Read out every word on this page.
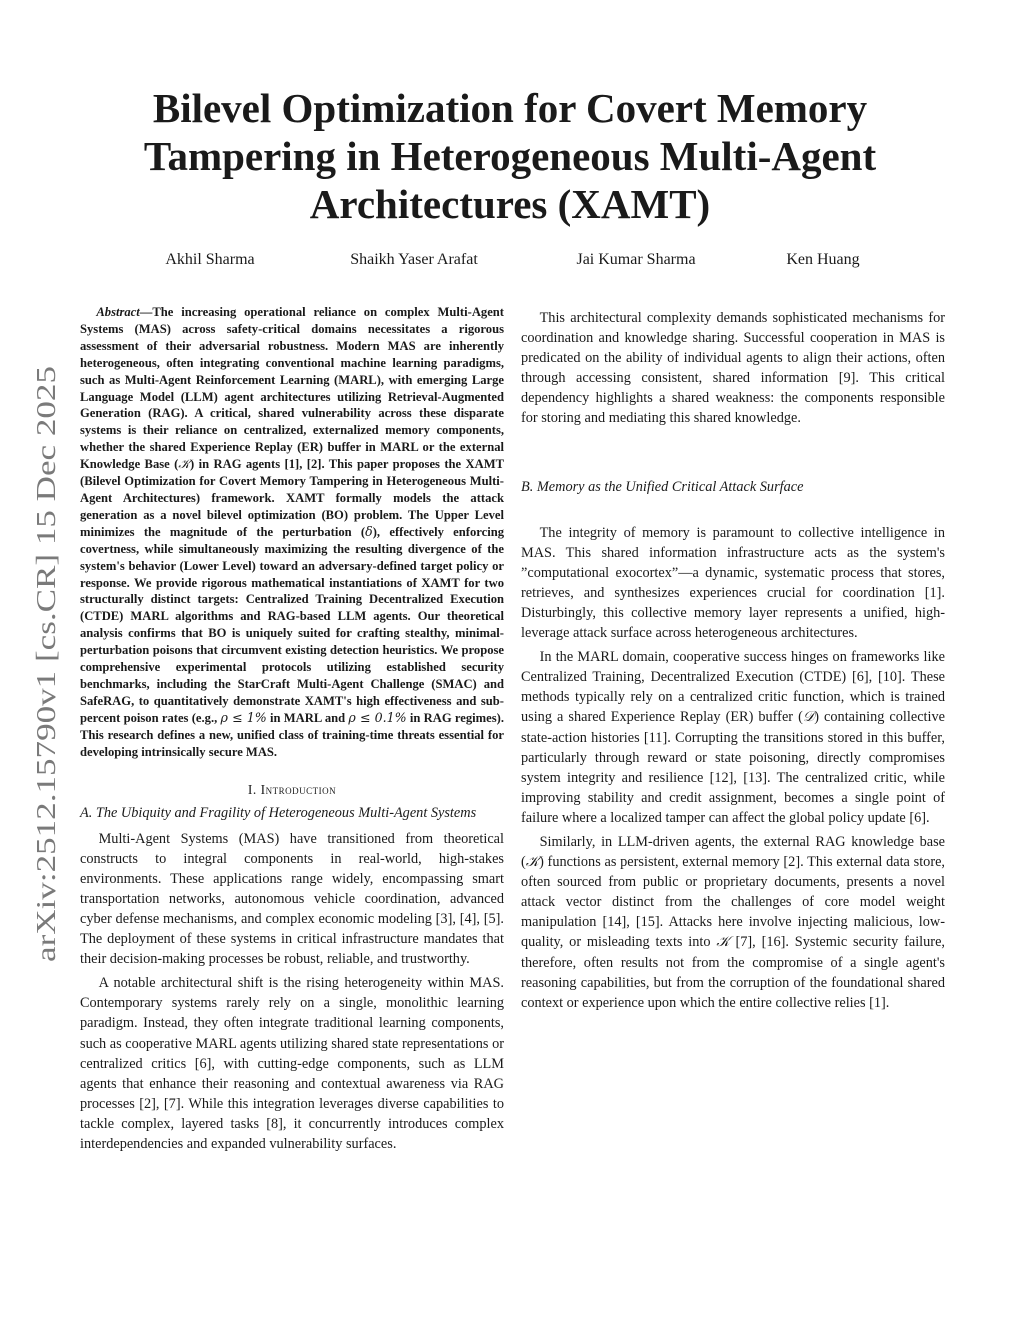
arXiv:2512.15790v1 [cs.CR] 15 Dec 2025
Bilevel Optimization for Covert Memory Tampering in Heterogeneous Multi-Agent Architectures (XAMT)
Akhil Sharma	Shaikh Yaser Arafat	Jai Kumar Sharma	Ken Huang

Abstract—The increasing operational reliance on complex Multi-Agent Systems (MAS) across safety-critical domains necessitates a rigorous assessment of their adversarial robustness. Modern MAS are inherently heterogeneous, often integrating conventional machine learning paradigms, such as Multi-Agent Reinforcement Learning (MARL), with emerging Large Language Model (LLM) agent architectures utilizing Retrieval-Augmented Generation (RAG). A critical, shared vulnerability across these disparate systems is their reliance on centralized, externalized memory components, whether the shared Experience Replay (ER) buffer in MARL or the external Knowledge Base (𝒦) in RAG agents [1], [2]. This paper proposes the XAMT (Bilevel Optimization for Covert Memory Tampering in Heterogeneous Multi-Agent Architectures) framework. XAMT formally models the attack generation as a novel bilevel optimization (BO) problem. The Upper Level minimizes the magnitude of the perturbation (δ), effectively enforcing covertness, while simultaneously maximizing the resulting divergence of the system's behavior (Lower Level) toward an adversary-defined target policy or response. We provide rigorous mathematical instantiations of XAMT for two structurally distinct targets: Centralized Training Decentralized Execution (CTDE) MARL algorithms and RAG-based LLM agents. Our theoretical analysis confirms that BO is uniquely suited for crafting stealthy, minimal-perturbation poisons that circumvent existing detection heuristics. We propose comprehensive experimental protocols utilizing established security benchmarks, including the StarCraft Multi-Agent Challenge (SMAC) and SafeRAG, to quantitatively demonstrate XAMT's high effectiveness and sub-percent poison rates (e.g., ρ ≤ 1% in MARL and ρ ≤ 0.1% in RAG regimes). This research defines a new, unified class of training-time threats essential for developing intrinsically secure MAS.

I. Introduction
A. The Ubiquity and Fragility of Heterogeneous Multi-Agent Systems

Multi-Agent Systems (MAS) have transitioned from theoretical constructs to integral components in real-world, high-stakes environments. These applications range widely, encompassing smart transportation networks, autonomous vehicle coordination, advanced cyber defense mechanisms, and complex economic modeling [3], [4], [5]. The deployment of these systems in critical infrastructure mandates that their decision-making processes be robust, reliable, and trustworthy.

A notable architectural shift is the rising heterogeneity within MAS. Contemporary systems rarely rely on a single, monolithic learning paradigm. Instead, they often integrate traditional learning components, such as cooperative MARL agents utilizing shared state representations or centralized critics [6], with cutting-edge components, such as LLM agents that enhance their reasoning and contextual awareness via RAG processes [2], [7]. While this integration leverages diverse capabilities to tackle complex, layered tasks [8], it concurrently introduces complex interdependencies and expanded vulnerability surfaces.

This architectural complexity demands sophisticated mechanisms for coordination and knowledge sharing. Successful cooperation in MAS is predicated on the ability of individual agents to align their actions, often through accessing consistent, shared information [9]. This critical dependency highlights a shared weakness: the components responsible for storing and mediating this shared knowledge.

B. Memory as the Unified Critical Attack Surface

The integrity of memory is paramount to collective intelligence in MAS. This shared information infrastructure acts as the system's ”computational exocortex”—a dynamic, systematic process that stores, retrieves, and synthesizes experiences crucial for coordination [1]. Disturbingly, this collective memory layer represents a unified, high-leverage attack surface across heterogeneous architectures.

In the MARL domain, cooperative success hinges on frameworks like Centralized Training, Decentralized Execution (CTDE) [6], [10]. These methods typically rely on a centralized critic function, which is trained using a shared Experience Replay (ER) buffer (𝒟) containing collective state-action histories [11]. Corrupting the transitions stored in this buffer, particularly through reward or state poisoning, directly compromises system integrity and resilience [12], [13]. The centralized critic, while improving stability and credit assignment, becomes a single point of failure where a localized tamper can affect the global policy update [6].

Similarly, in LLM-driven agents, the external RAG knowledge base (𝒦) functions as persistent, external memory [2]. This external data store, often sourced from public or proprietary documents, presents a novel attack vector distinct from the challenges of core model weight manipulation [14], [15]. Attacks here involve injecting malicious, low-quality, or misleading texts into 𝒦 [7], [16]. Systemic security failure, therefore, often results not from the compromise of a single agent's reasoning capabilities, but from the corruption of the foundational shared context or experience upon which the entire collective relies [1].
